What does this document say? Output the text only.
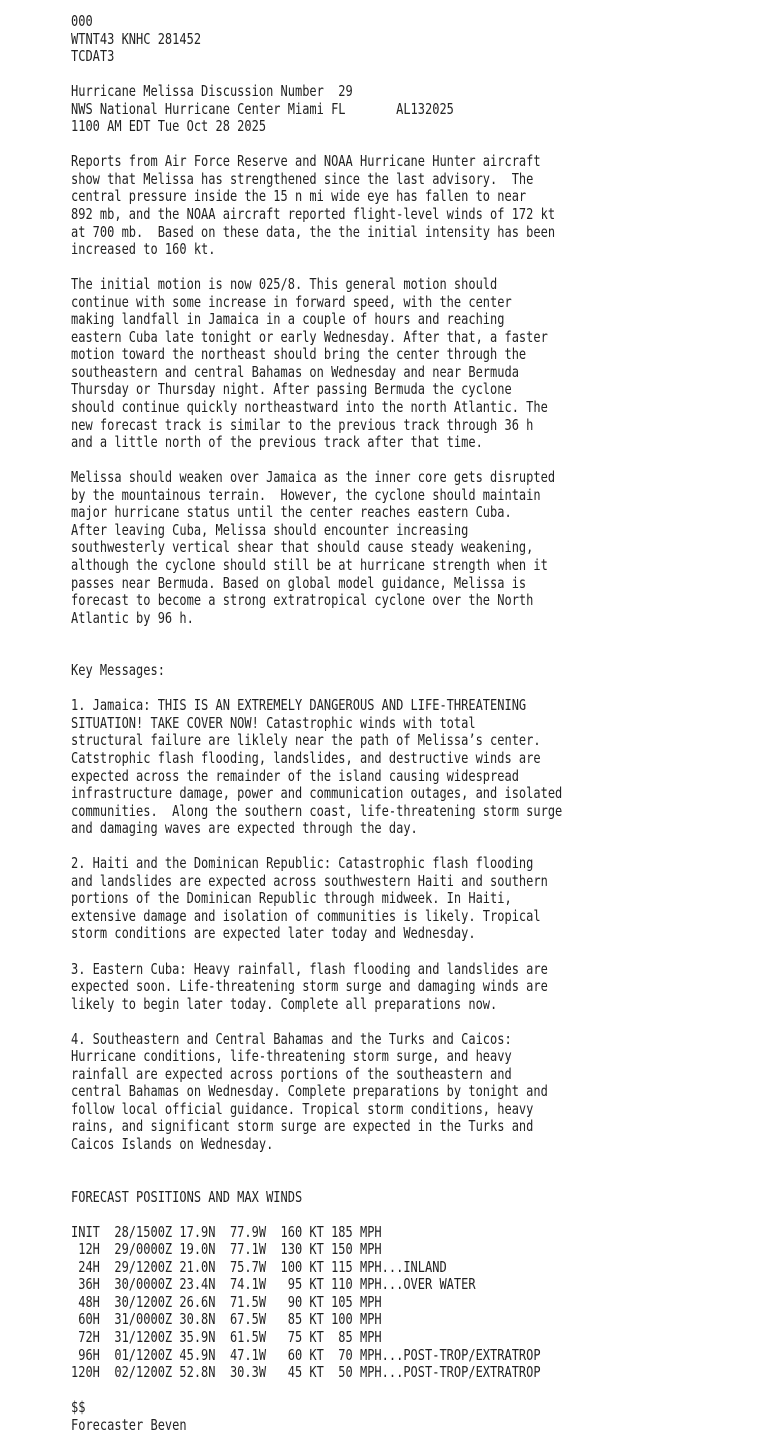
000
WTNT43 KNHC 281452
TCDAT3
Hurricane Melissa Discussion Number  29
NWS National Hurricane Center Miami FL       AL132025
1100 AM EDT Tue Oct 28 2025
Reports from Air Force Reserve and NOAA Hurricane Hunter aircraft
show that Melissa has strengthened since the last advisory.  The
central pressure inside the 15 n mi wide eye has fallen to near
892 mb, and the NOAA aircraft reported flight-level winds of 172 kt
at 700 mb.  Based on these data, the the initial intensity has been
increased to 160 kt.
The initial motion is now 025/8. This general motion should
continue with some increase in forward speed, with the center
making landfall in Jamaica in a couple of hours and reaching
eastern Cuba late tonight or early Wednesday. After that, a faster
motion toward the northeast should bring the center through the
southeastern and central Bahamas on Wednesday and near Bermuda
Thursday or Thursday night. After passing Bermuda the cyclone
should continue quickly northeastward into the north Atlantic. The
new forecast track is similar to the previous track through 36 h
and a little north of the previous track after that time.
Melissa should weaken over Jamaica as the inner core gets disrupted
by the mountainous terrain.  However, the cyclone should maintain
major hurricane status until the center reaches eastern Cuba.
After leaving Cuba, Melissa should encounter increasing
southwesterly vertical shear that should cause steady weakening,
although the cyclone should still be at hurricane strength when it
passes near Bermuda. Based on global model guidance, Melissa is
forecast to become a strong extratropical cyclone over the North
Atlantic by 96 h.
Key Messages:
1. Jamaica: THIS IS AN EXTREMELY DANGEROUS AND LIFE-THREATENING
SITUATION! TAKE COVER NOW! Catastrophic winds with total
structural failure are liklely near the path of Melissa’s center.
Catstrophic flash flooding, landslides, and destructive winds are
expected across the remainder of the island causing widespread
infrastructure damage, power and communication outages, and isolated
communities.  Along the southern coast, life-threatening storm surge
and damaging waves are expected through the day.
2. Haiti and the Dominican Republic: Catastrophic flash flooding
and landslides are expected across southwestern Haiti and southern
portions of the Dominican Republic through midweek. In Haiti,
extensive damage and isolation of communities is likely. Tropical
storm conditions are expected later today and Wednesday.
3. Eastern Cuba: Heavy rainfall, flash flooding and landslides are
expected soon. Life-threatening storm surge and damaging winds are
likely to begin later today. Complete all preparations now.
4. Southeastern and Central Bahamas and the Turks and Caicos:
Hurricane conditions, life-threatening storm surge, and heavy
rainfall are expected across portions of the southeastern and
central Bahamas on Wednesday. Complete preparations by tonight and
follow local official guidance. Tropical storm conditions, heavy
rains, and significant storm surge are expected in the Turks and
Caicos Islands on Wednesday.
FORECAST POSITIONS AND MAX WINDS
INIT  28/1500Z 17.9N  77.9W  160 KT 185 MPH
12H  29/0000Z 19.0N  77.1W  130 KT 150 MPH
24H  29/1200Z 21.0N  75.7W  100 KT 115 MPH...INLAND
36H  30/0000Z 23.4N  74.1W   95 KT 110 MPH...OVER WATER
48H  30/1200Z 26.6N  71.5W   90 KT 105 MPH
60H  31/0000Z 30.8N  67.5W   85 KT 100 MPH
72H  31/1200Z 35.9N  61.5W   75 KT  85 MPH
96H  01/1200Z 45.9N  47.1W   60 KT  70 MPH...POST-TROP/EXTRATROP
120H  02/1200Z 52.8N  30.3W   45 KT  50 MPH...POST-TROP/EXTRATROP
$$
Forecaster Beven
